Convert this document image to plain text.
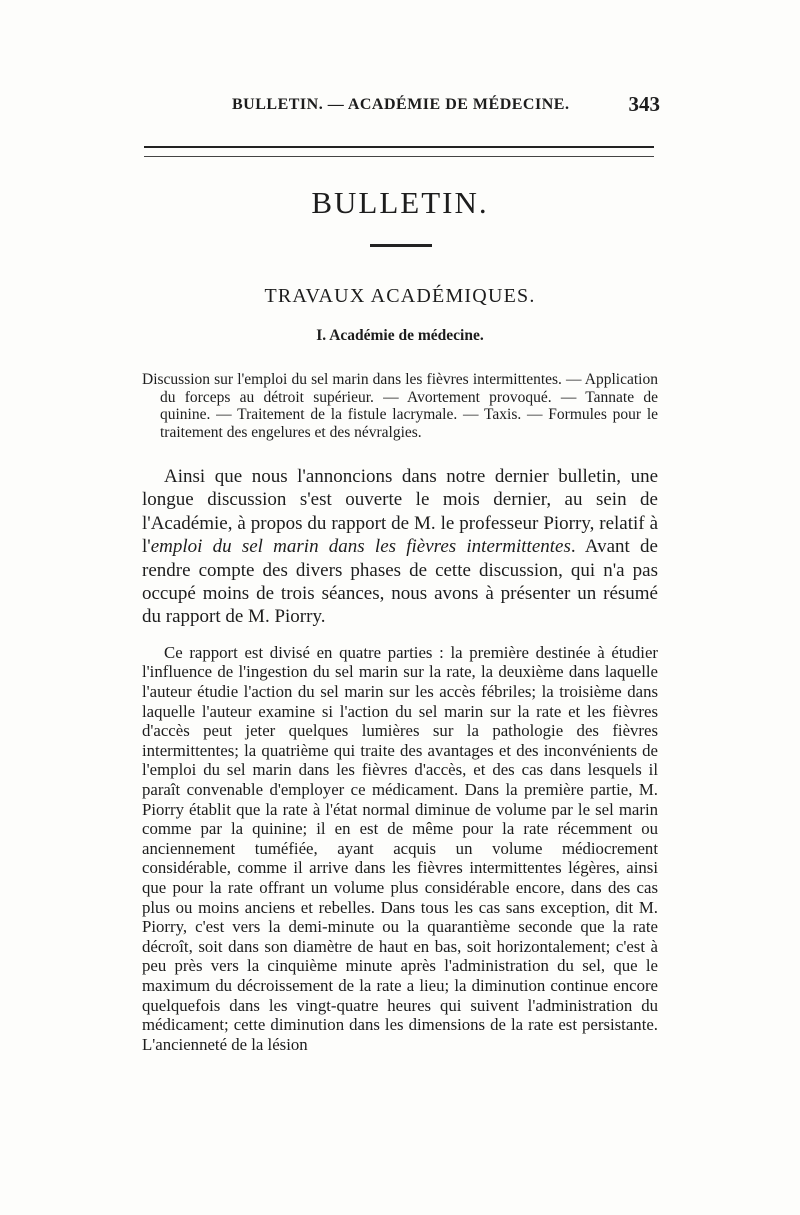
BULLETIN. — ACADÉMIE DE MÉDECINE.	343
BULLETIN.
TRAVAUX ACADÉMIQUES.
I. Académie de médecine.

Discussion sur l'emploi du sel marin dans les fièvres intermittentes. — Application du forceps au détroit supérieur. — Avortement provoqué. — Tannate de quinine. — Traitement de la fistule lacrymale. — Taxis. — Formules pour le traitement des engelures et des névralgies.

Ainsi que nous l'annoncions dans notre dernier bulletin, une longue discussion s'est ouverte le mois dernier, au sein de l'Académie, à propos du rapport de M. le professeur Piorry, relatif à l'emploi du sel marin dans les fièvres intermittentes. Avant de rendre compte des divers phases de cette discussion, qui n'a pas occupé moins de trois séances, nous avons à présenter un résumé du rapport de M. Piorry.

Ce rapport est divisé en quatre parties : la première destinée à étudier l'influence de l'ingestion du sel marin sur la rate, la deuxième dans laquelle l'auteur étudie l'action du sel marin sur les accès fébriles; la troisième dans laquelle l'auteur examine si l'action du sel marin sur la rate et les fièvres d'accès peut jeter quelques lumières sur la pathologie des fièvres intermittentes; la quatrième qui traite des avantages et des inconvénients de l'emploi du sel marin dans les fièvres d'accès, et des cas dans lesquels il paraît convenable d'employer ce médicament. Dans la première partie, M. Piorry établit que la rate à l'état normal diminue de volume par le sel marin comme par la quinine; il en est de même pour la rate récemment ou anciennement tuméfiée, ayant acquis un volume médiocrement considérable, comme il arrive dans les fièvres intermittentes légères, ainsi que pour la rate offrant un volume plus considérable encore, dans des cas plus ou moins anciens et rebelles. Dans tous les cas sans exception, dit M. Piorry, c'est vers la demi-minute ou la quarantième seconde que la rate décroît, soit dans son diamètre de haut en bas, soit horizontalement; c'est à peu près vers la cinquième minute après l'administration du sel, que le maximum du décroissement de la rate a lieu; la diminution continue encore quelquefois dans les vingt-quatre heures qui suivent l'administration du médicament; cette diminution dans les dimensions de la rate est persistante. L'ancienneté de la lésion
